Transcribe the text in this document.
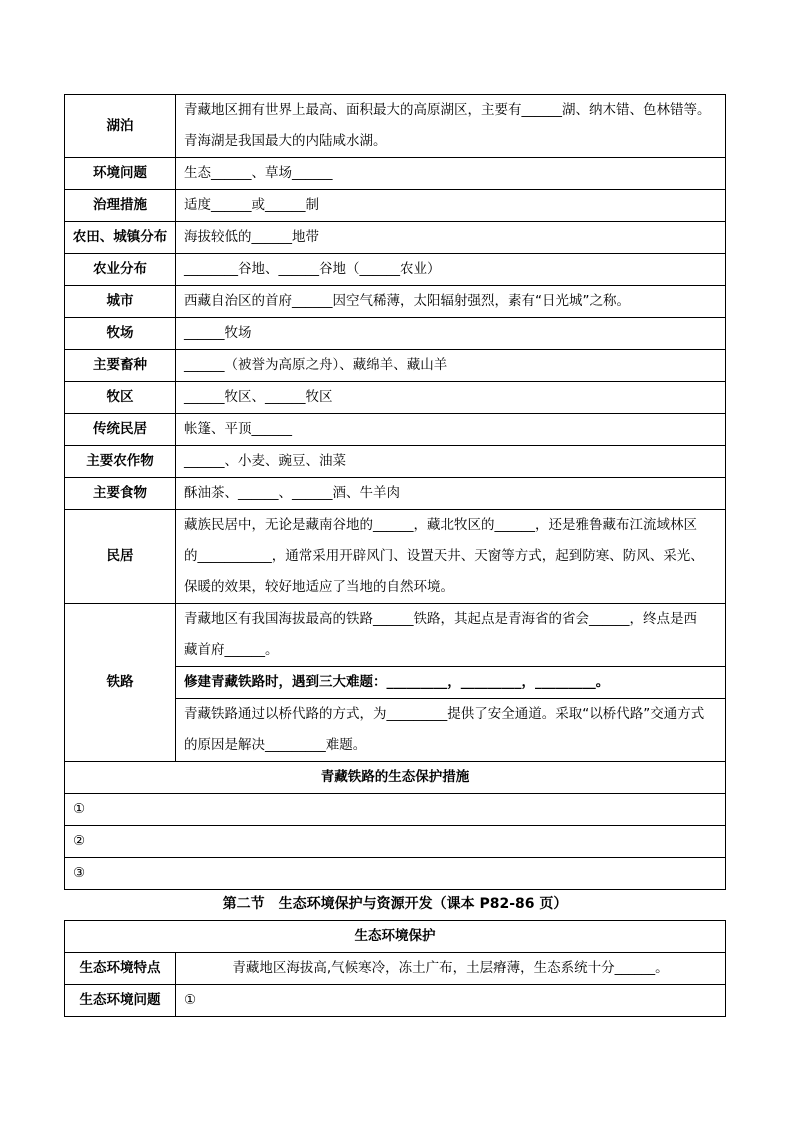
湖泊	青藏地区拥有世界上最高、面积最大的高原湖区，主要有______湖、纳木错、色林错等。
青海湖是我国最大的内陆咸水湖。

环境问题	生态______、草场______

治理措施	适度______或______制

农田、城镇分布	海拔较低的______地带

农业分布	________谷地、______谷地（______农业）

城市	西藏自治区的首府______因空气稀薄，太阳辐射强烈，素有“日光城”之称。

牧场	______牧场

主要畜种	______（被誉为高原之舟）、藏绵羊、藏山羊

牧区	______牧区、______牧区

传统民居	帐篷、平顶______

主要农作物	______、小麦、豌豆、油菜

主要食物	酥油茶、______、______酒、牛羊肉

民居	藏族民居中，无论是藏南谷地的______，藏北牧区的______，还是雅鲁藏布江流域林区
的___________，通常采用开辟风门、设置天井、天窗等方式，起到防寒、防风、采光、
保暖的效果，较好地适应了当地的自然环境。

铁路	青藏地区有我国海拔最高的铁路______铁路，其起点是青海省的省会______，终点是西
藏首府______。

	修建青藏铁路时，遇到三大难题：_________，_________，_________。

	青藏铁路通过以桥代路的方式，为_________提供了安全通道。采取“以桥代路”交通方式
的原因是解决_________难题。

青藏铁路的生态保护措施	
①	
②	
③	
第二节　生态环境保护与资源开发（课本 P82-86 页）
生态环境保护	
生态环境特点	青藏地区海拔高,气候寒冷，冻土广布，土层瘠薄，生态系统十分______。
生态环境问题	①
